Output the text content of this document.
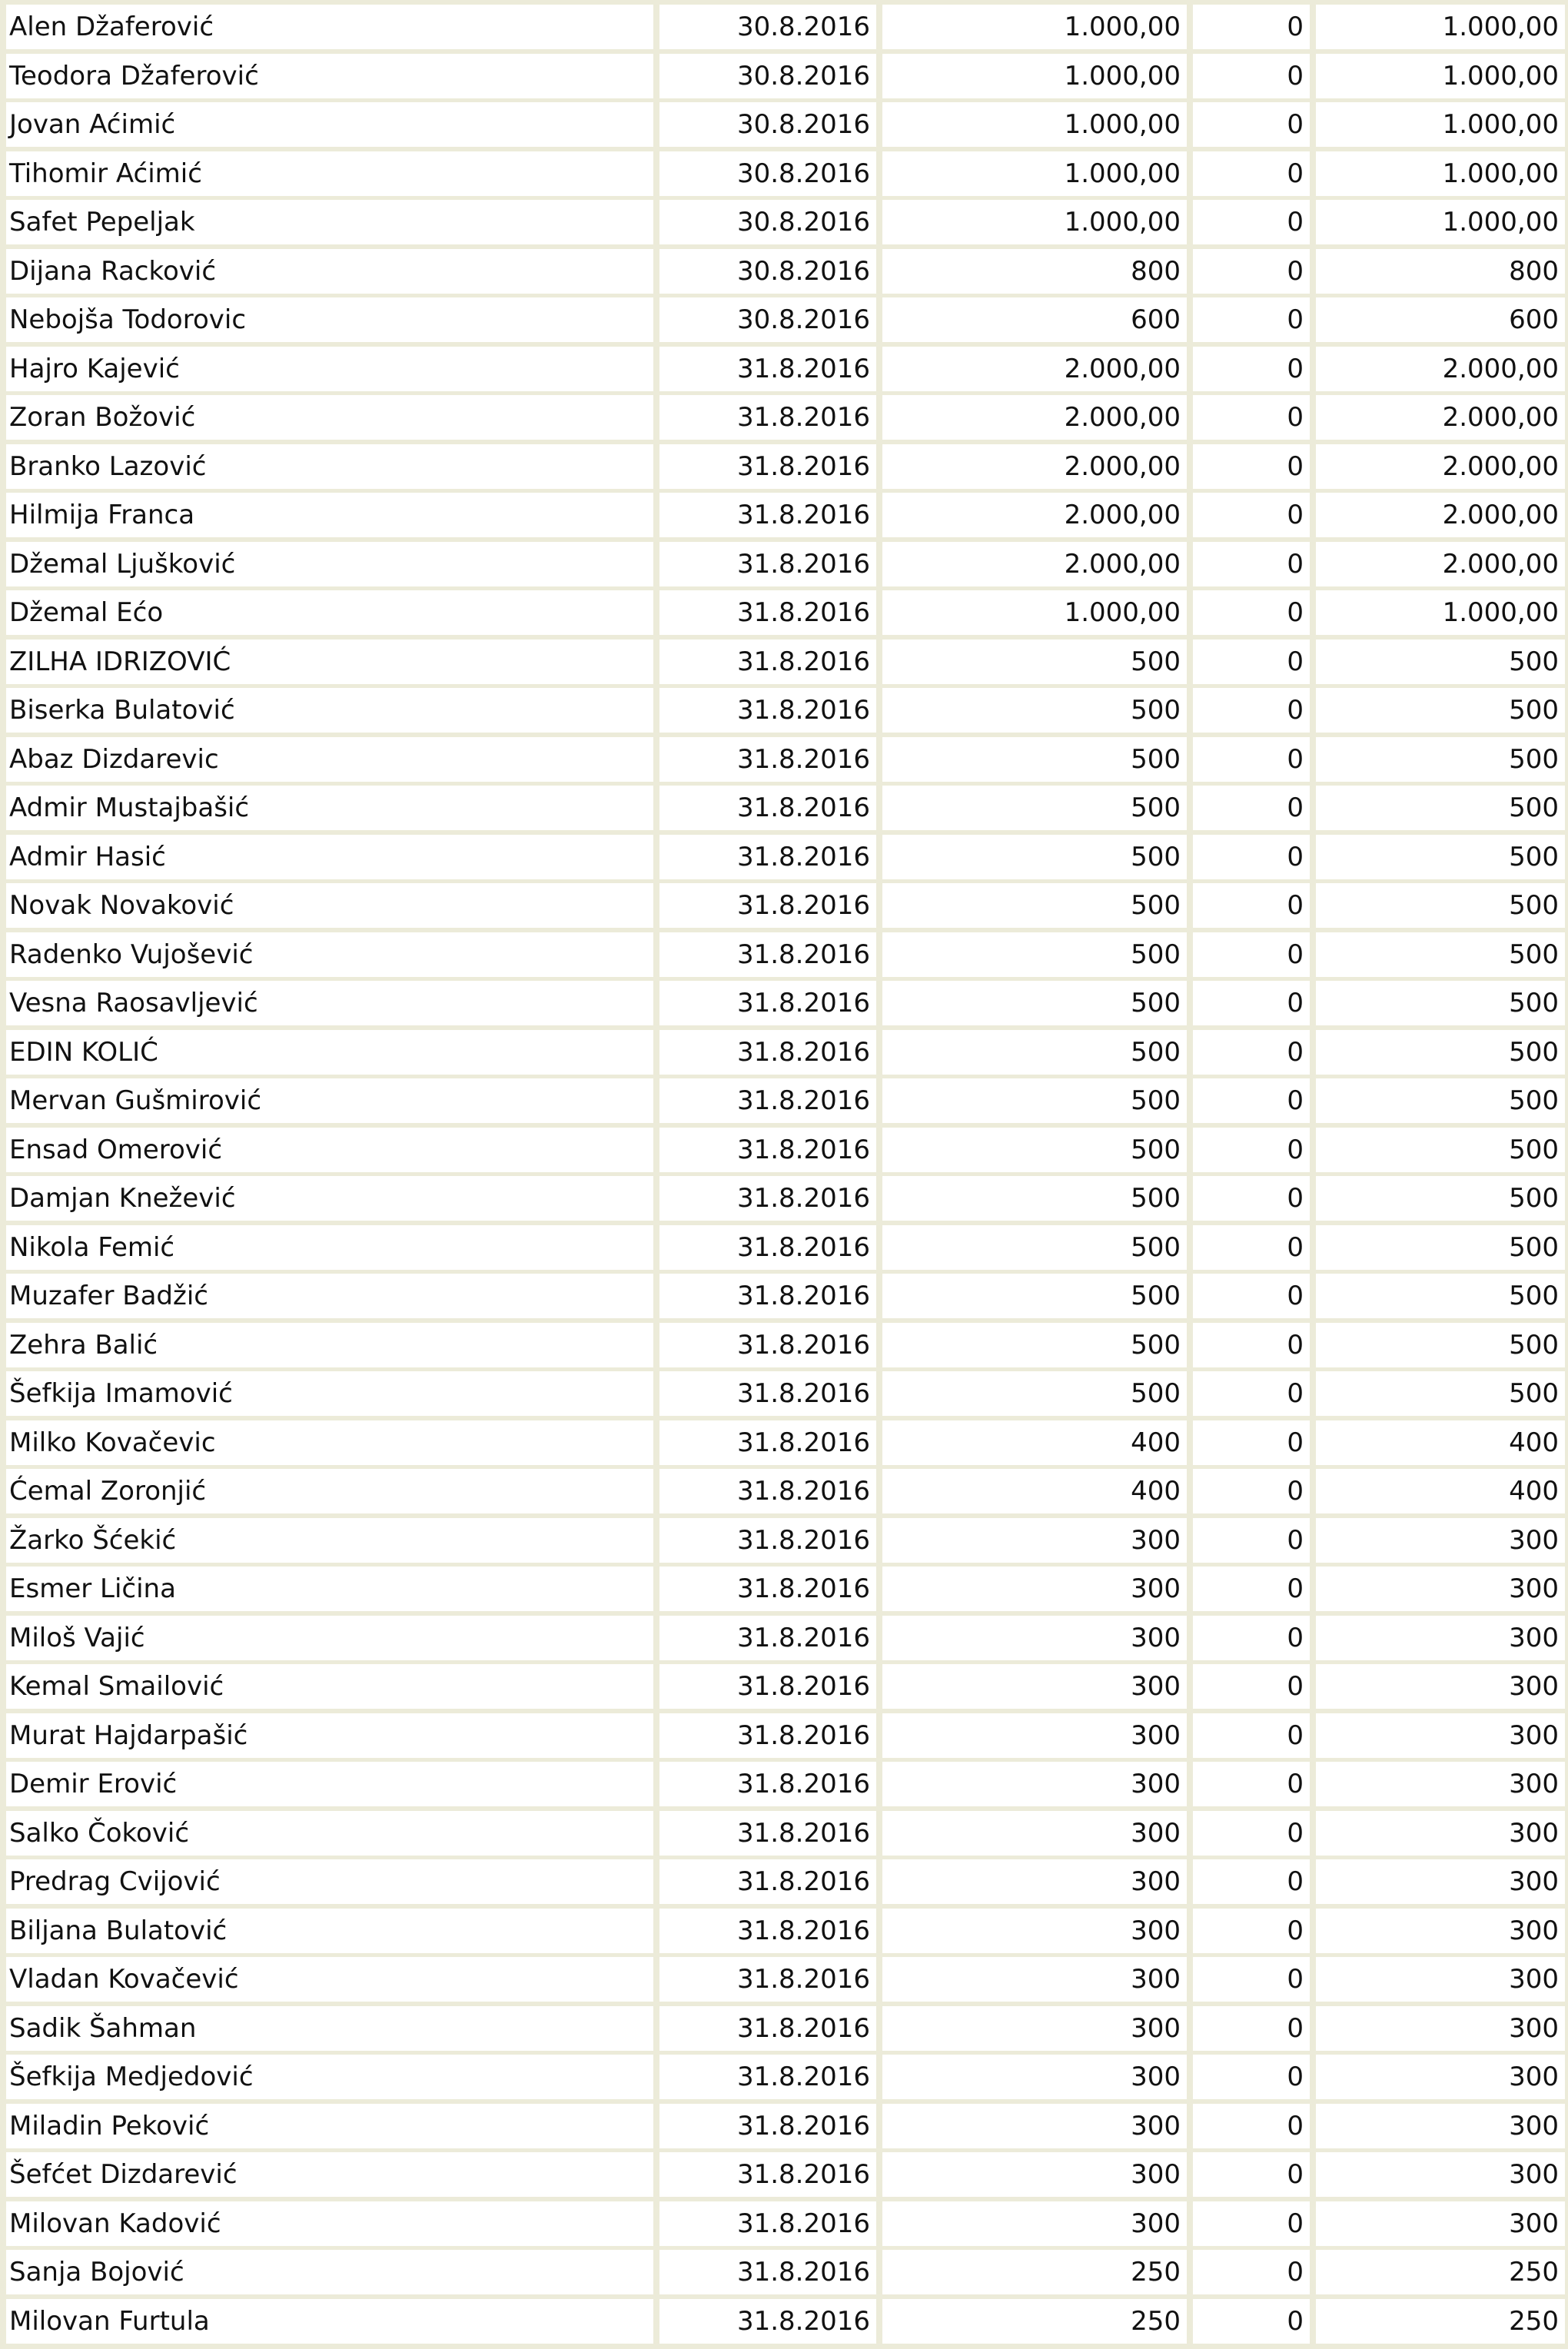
Alen Džaferović	30.8.2016	1.000,00	0	1.000,00
Teodora Džaferović	30.8.2016	1.000,00	0	1.000,00
Jovan Aćimić	30.8.2016	1.000,00	0	1.000,00
Tihomir Aćimić	30.8.2016	1.000,00	0	1.000,00
Safet Pepeljak	30.8.2016	1.000,00	0	1.000,00
Dijana Racković	30.8.2016	800	0	800
Nebojša Todorovic	30.8.2016	600	0	600
Hajro Kajević	31.8.2016	2.000,00	0	2.000,00
Zoran Božović	31.8.2016	2.000,00	0	2.000,00
Branko Lazović	31.8.2016	2.000,00	0	2.000,00
Hilmija Franca	31.8.2016	2.000,00	0	2.000,00
Džemal Ljušković	31.8.2016	2.000,00	0	2.000,00
Džemal Ećo	31.8.2016	1.000,00	0	1.000,00
ZILHA IDRIZOVIĆ	31.8.2016	500	0	500
Biserka Bulatović	31.8.2016	500	0	500
Abaz Dizdarevic	31.8.2016	500	0	500
Admir Mustajbašić	31.8.2016	500	0	500
Admir Hasić	31.8.2016	500	0	500
Novak Novaković	31.8.2016	500	0	500
Radenko Vujošević	31.8.2016	500	0	500
Vesna Raosavljević	31.8.2016	500	0	500
EDIN KOLIĆ	31.8.2016	500	0	500
Mervan Gušmirović	31.8.2016	500	0	500
Ensad Omerović	31.8.2016	500	0	500
Damjan Knežević	31.8.2016	500	0	500
Nikola Femić	31.8.2016	500	0	500
Muzafer Badžić	31.8.2016	500	0	500
Zehra Balić	31.8.2016	500	0	500
Šefkija Imamović	31.8.2016	500	0	500
Milko Kovačevic	31.8.2016	400	0	400
Ćemal Zoronjić	31.8.2016	400	0	400
Žarko Šćekić	31.8.2016	300	0	300
Esmer Ličina	31.8.2016	300	0	300
Miloš Vajić	31.8.2016	300	0	300
Kemal Smailović	31.8.2016	300	0	300
Murat Hajdarpašić	31.8.2016	300	0	300
Demir Erović	31.8.2016	300	0	300
Salko Čoković	31.8.2016	300	0	300
Predrag Cvijović	31.8.2016	300	0	300
Biljana Bulatović	31.8.2016	300	0	300
Vladan Kovačević	31.8.2016	300	0	300
Sadik Šahman	31.8.2016	300	0	300
Šefkija Medjedović	31.8.2016	300	0	300
Miladin Peković	31.8.2016	300	0	300
Šefćet Dizdarević	31.8.2016	300	0	300
Milovan Kadović	31.8.2016	300	0	300
Sanja Bojović	31.8.2016	250	0	250
Milovan Furtula	31.8.2016	250	0	250
